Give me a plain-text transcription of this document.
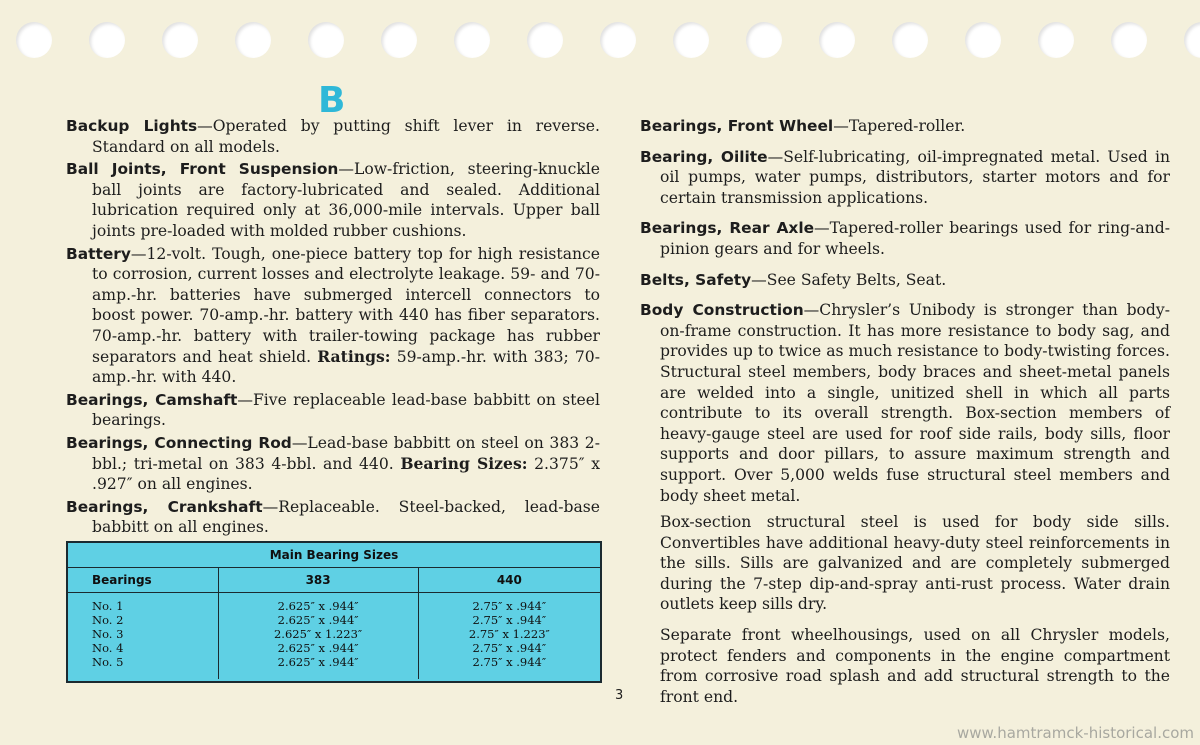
B

Backup Lights—Operated by putting shift lever in reverse. Standard on all models.

Ball Joints, Front Suspension—Low-friction, steering-knuckle ball joints are factory-lubricated and sealed. Additional lubrication required only at 36,000-mile intervals. Upper ball joints pre-loaded with molded rubber cushions.

Battery—12-volt. Tough, one-piece battery top for high resistance to corrosion, current losses and electrolyte leakage. 59- and 70-amp.-hr. batteries have submerged intercell connectors to boost power. 70-amp.-hr. battery with 440 has fiber separators. 70-amp.-hr. battery with trailer-towing package has rubber separators and heat shield. Ratings: 59-amp.-hr. with 383; 70-amp.-hr. with 440.

Bearings, Camshaft—Five replaceable lead-base babbitt on steel bearings.

Bearings, Connecting Rod—Lead-base babbitt on steel on 383 2-bbl.; tri-metal on 383 4-bbl. and 440. Bearing Sizes: 2.375″ x .927″ on all engines.

Bearings, Crankshaft—Replaceable. Steel-backed, lead-base babbitt on all engines.

Main Bearing Sizes
Bearings	383	440
No. 1
No. 2
No. 3
No. 4
No. 5
2.625″ x .944″
2.625″ x .944″
2.625″ x 1.223″
2.625″ x .944″
2.625″ x .944″
2.75″ x .944″
2.75″ x .944″
2.75″ x 1.223″
2.75″ x .944″
2.75″ x .944″

Bearings, Front Wheel—Tapered-roller.

Bearing, Oilite—Self-lubricating, oil-impregnated metal. Used in oil pumps, water pumps, distributors, starter motors and for certain transmission applications.

Bearings, Rear Axle—Tapered-roller bearings used for ring-and-pinion gears and for wheels.

Belts, Safety—See Safety Belts, Seat.

Body Construction—Chrysler’s Unibody is stronger than body-on-frame construction. It has more resistance to body sag, and provides up to twice as much resistance to body-twisting forces. Structural steel members, body braces and sheet-metal panels are welded into a single, unitized shell in which all parts contribute to its overall strength. Box-section members of heavy-gauge steel are used for roof side rails, body sills, floor supports and door pillars, to assure maximum strength and support. Over 5,000 welds fuse structural steel members and body sheet metal.

Box-section structural steel is used for body side sills. Convertibles have additional heavy-duty steel reinforcements in the sills. Sills are galvanized and are completely submerged during the 7-step dip-and-spray anti-rust process. Water drain outlets keep sills dry.

Separate front wheelhousings, used on all Chrysler models, protect fenders and components in the engine compartment from corrosive road splash and add structural strength to the front end.

3
www.hamtramck-historical.com
